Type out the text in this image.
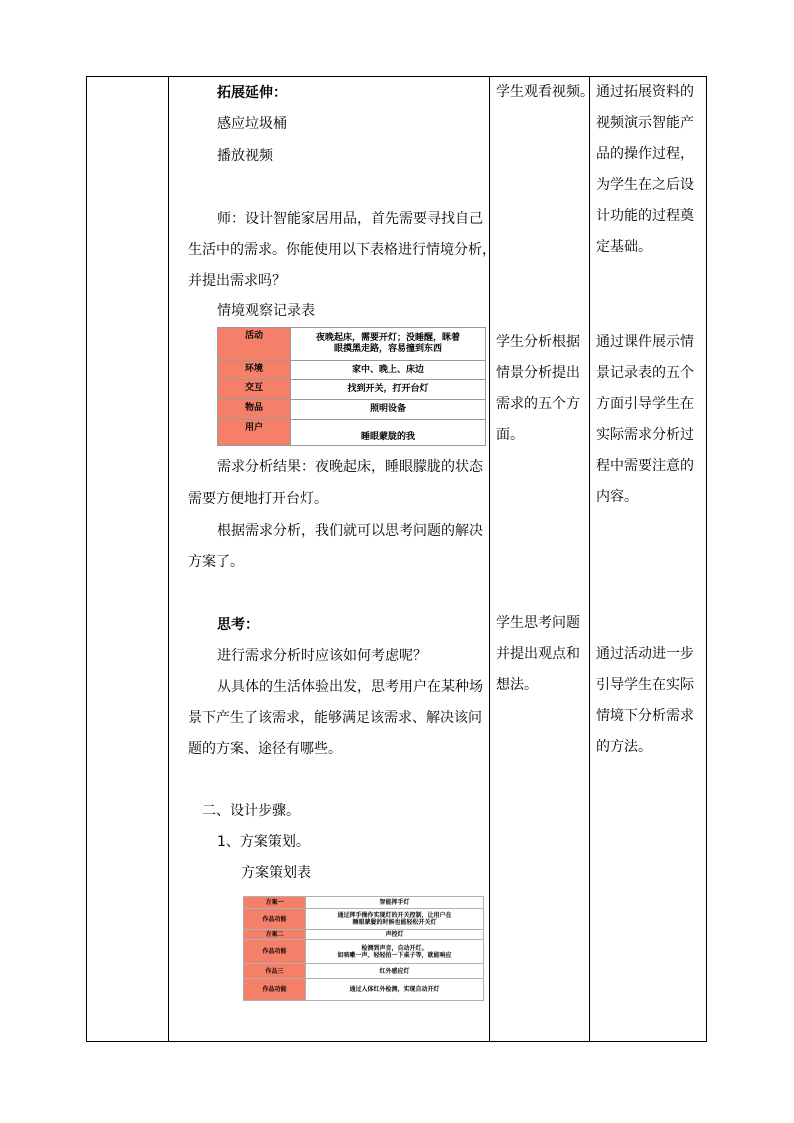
拓展延伸：
感应垃圾桶
播放视频
师：设计智能家居用品，首先需要寻找自己
生活中的需求。你能使用以下表格进行情境分析，
并提出需求吗？
情境观察记录表
活动	夜晚起床，需要开灯；没睡醒，眯着
眼摸黑走路，容易撞到东西
环境	家中、晚上、床边
交互	找到开关，打开台灯
物品	照明设备
用户	睡眼蒙胧的我
需求分析结果：夜晚起床，睡眼朦胧的状态
需要方便地打开台灯。
根据需求分析，我们就可以思考问题的解决
方案了。
思考：
进行需求分析时应该如何考虑呢？
从具体的生活体验出发，思考用户在某种场
景下产生了该需求，能够满足该需求、解决该问
题的方案、途径有哪些。
二、设计步骤。
1、方案策划。
方案策划表
方案一	智能挥手灯
作品功能	通过挥手操作实现灯的开关控制，让用户在
睡眼蒙胧的时候也能轻松开关灯
方案二	声控灯
作品功能	检测到声音，自动开灯。
如咳嗽一声、轻轻拍一下桌子等，就能响应
作品三	红外感应灯
作品功能	通过人体红外检测，实现自动开灯

学生观看视频。

学生分析根据

情景分析提出

需求的五个方

面。

学生思考问题

并提出观点和

想法。

通过拓展资料的

视频演示智能产

品的操作过程，

为学生在之后设

计功能的过程奠

定基础。

通过课件展示情

景记录表的五个

方面引导学生在

实际需求分析过

程中需要注意的

内容。

通过活动进一步

引导学生在实际

情境下分析需求

的方法。
